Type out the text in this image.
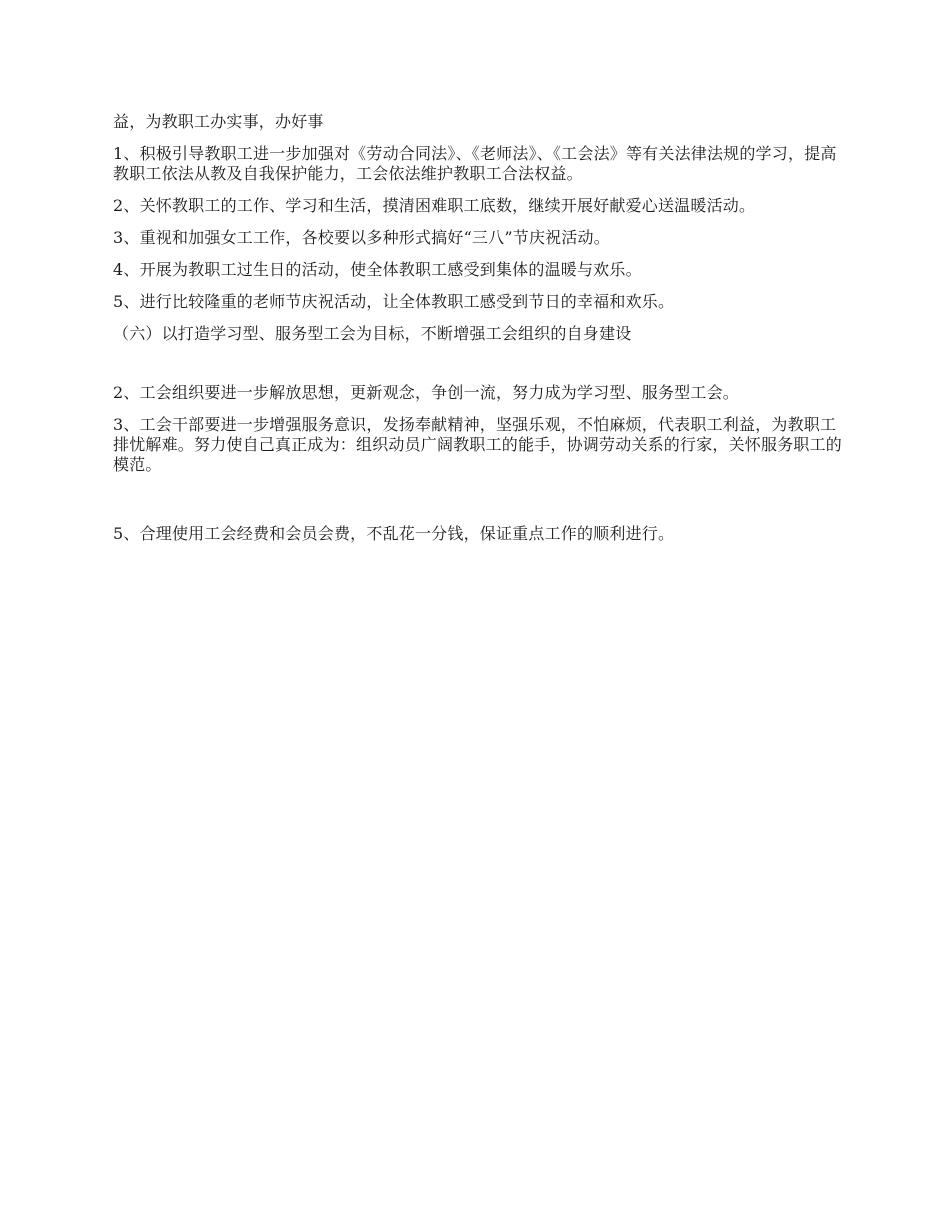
益，为教职工办实事，办好事

1、积极引导教职工进一步加强对《劳动合同法》、《老师法》、《工会法》等有关法律法规的学习，提高教职工依法从教及自我保护能力，工会依法维护教职工合法权益。

2、关怀教职工的工作、学习和生活，摸清困难职工底数，继续开展好献爱心送温暖活动。

3、重视和加强女工工作，各校要以多种形式搞好“三八”节庆祝活动。

4、开展为教职工过生日的活动，使全体教职工感受到集体的温暖与欢乐。

5、进行比较隆重的老师节庆祝活动，让全体教职工感受到节日的幸福和欢乐。

（六）以打造学习型、服务型工会为目标，不断增强工会组织的自身建设

2、工会组织要进一步解放思想，更新观念，争创一流，努力成为学习型、服务型工会。

3、工会干部要进一步增强服务意识，发扬奉献精神，坚强乐观，不怕麻烦，代表职工利益，为教职工排忧解难。努力使自己真正成为：组织动员广阔教职工的能手，协调劳动关系的行家，关怀服务职工的模范。

5、合理使用工会经费和会员会费，不乱花一分钱，保证重点工作的顺利进行。
